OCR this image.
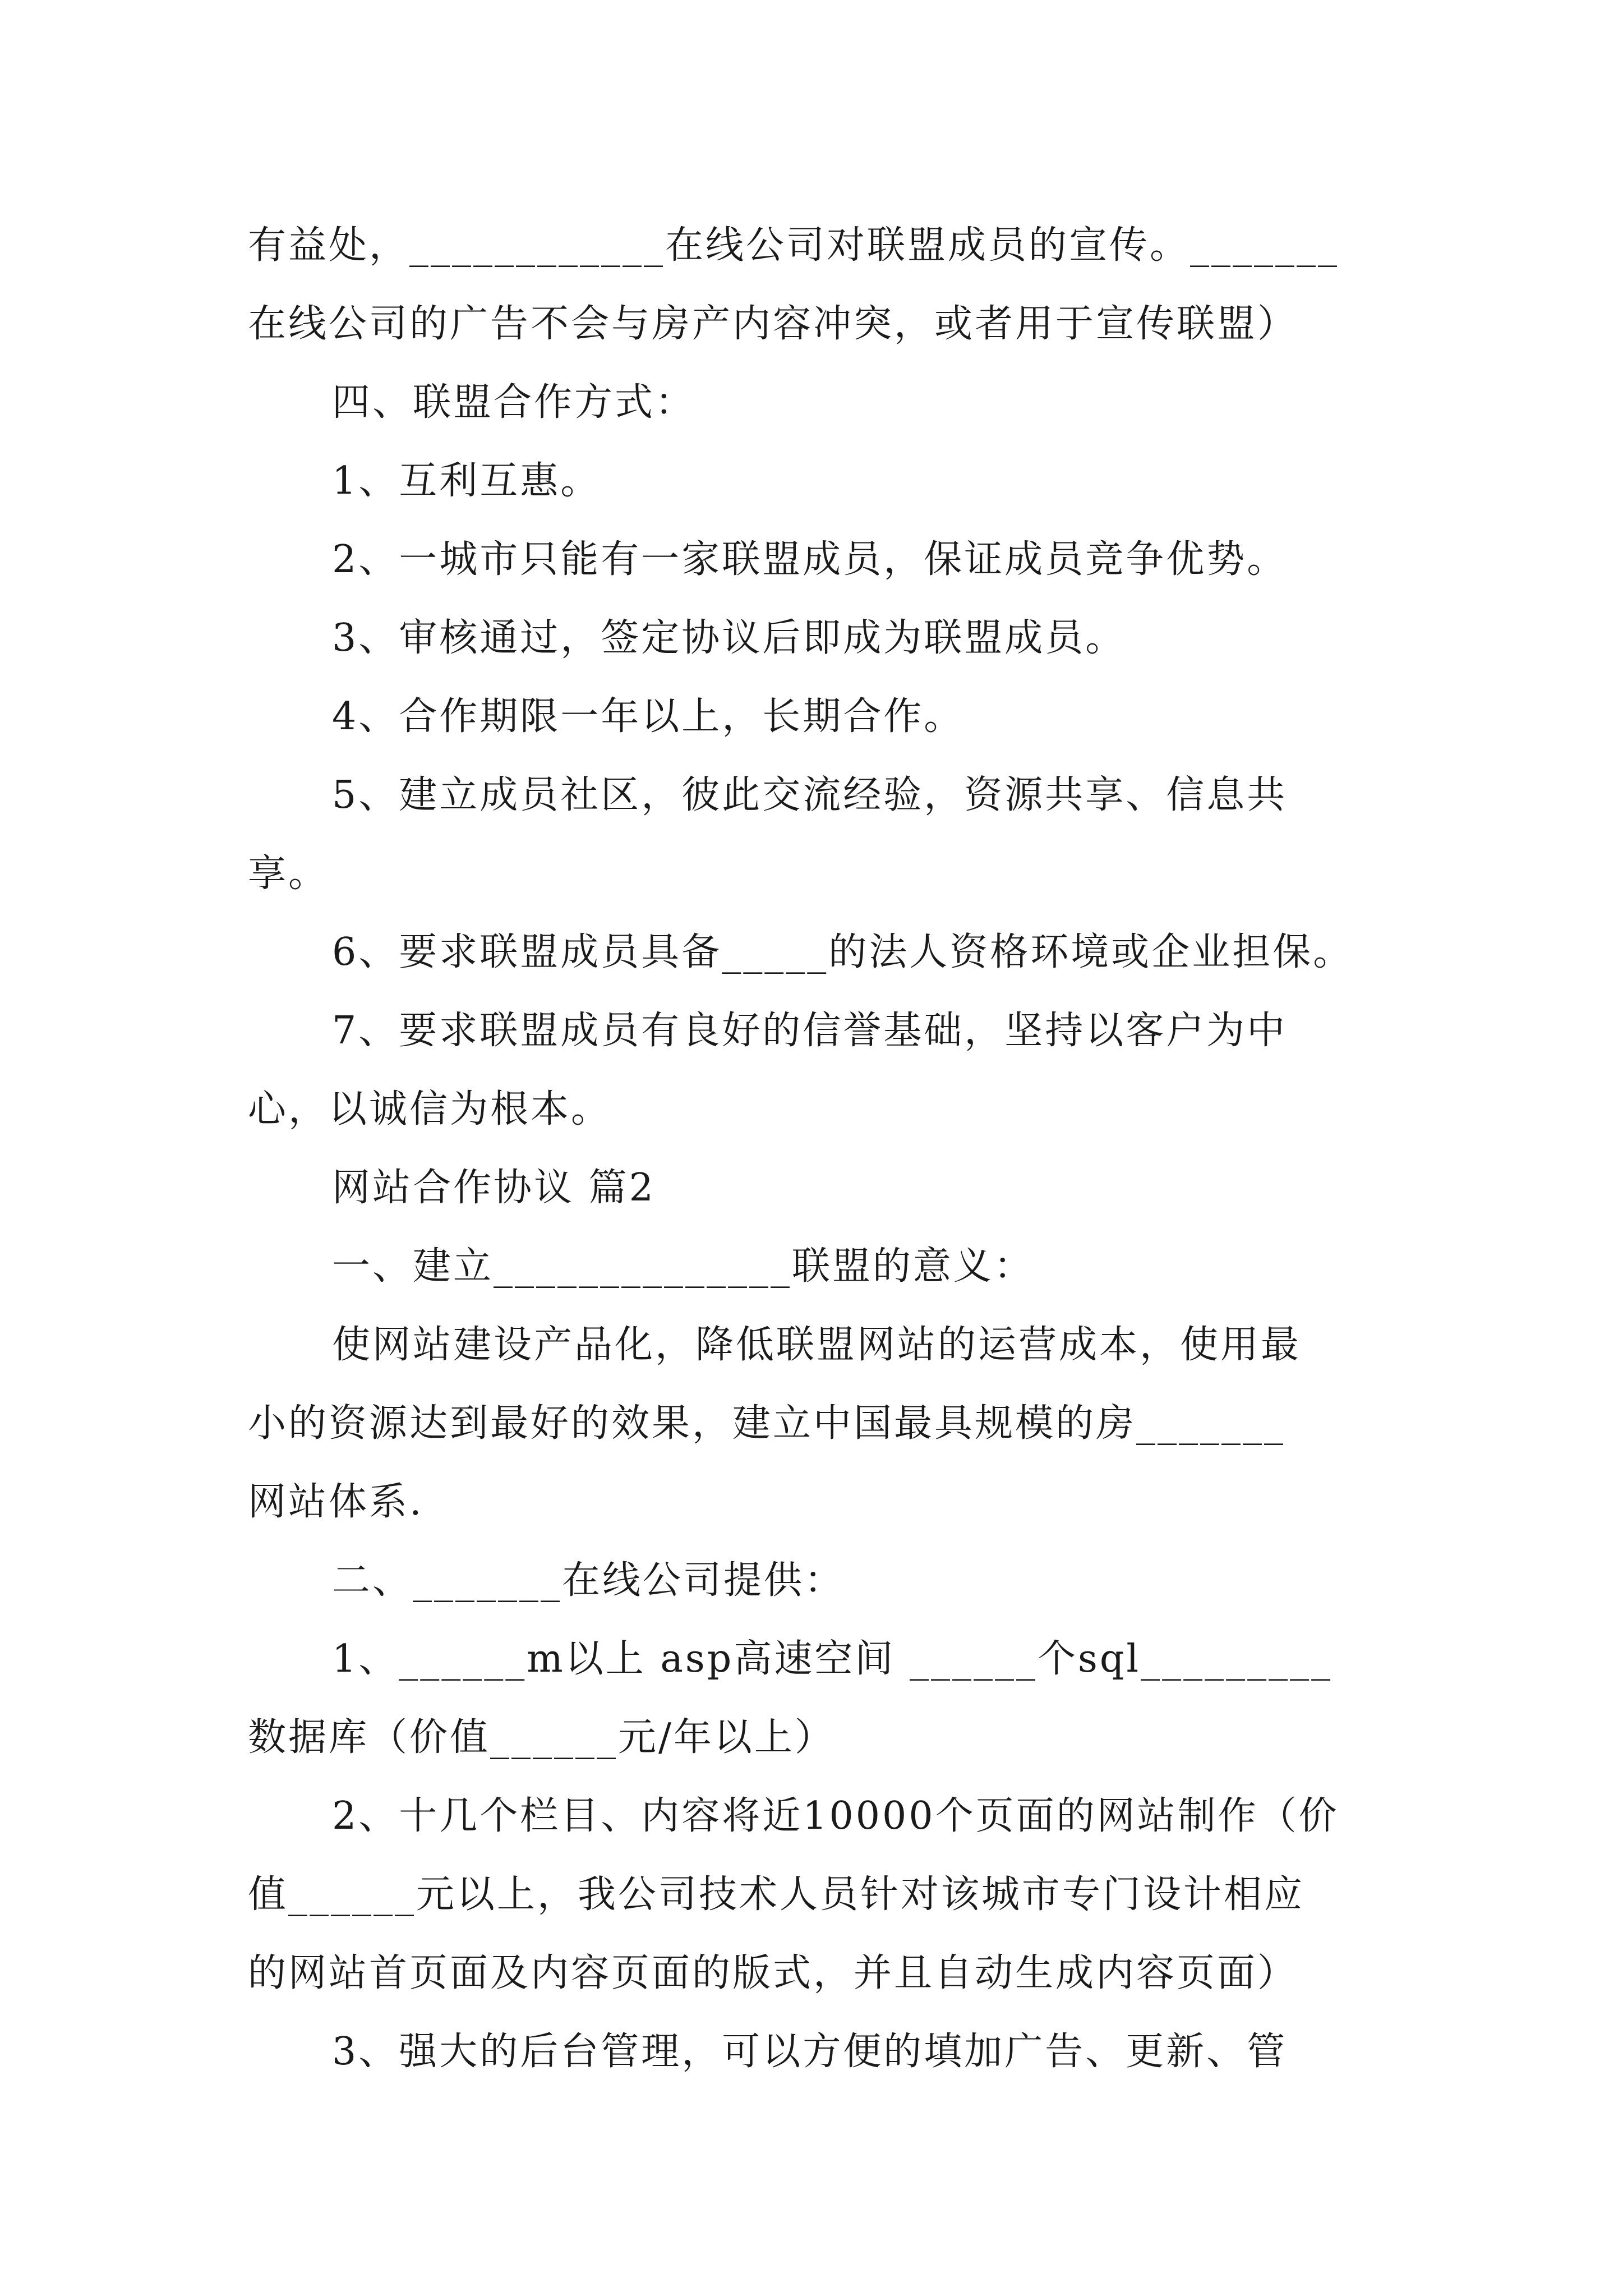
有益处，____________在线公司对联盟成员的宣传。_______
在线公司的广告不会与房产内容冲突，或者用于宣传联盟）
四、联盟合作方式：
1、互利互惠。
2、一城市只能有一家联盟成员，保证成员竞争优势。
3、审核通过，签定协议后即成为联盟成员。
4、合作期限一年以上，长期合作。
5、建立成员社区，彼此交流经验，资源共享、信息共
享。
6、要求联盟成员具备_____的法人资格环境或企业担保。
7、要求联盟成员有良好的信誉基础，坚持以客户为中
心，以诚信为根本。
网站合作协议 篇2
一、建立______________联盟的意义：
使网站建设产品化，降低联盟网站的运营成本，使用最
小的资源达到最好的效果，建立中国最具规模的房_______
网站体系.
二、_______在线公司提供：
1、______m以上 asp高速空间 ______个sql_________
数据库（价值______元/年以上）
2、十几个栏目、内容将近10000个页面的网站制作（价
值______元以上，我公司技术人员针对该城市专门设计相应
的网站首页面及内容页面的版式，并且自动生成内容页面）
3、强大的后台管理，可以方便的填加广告、更新、管
